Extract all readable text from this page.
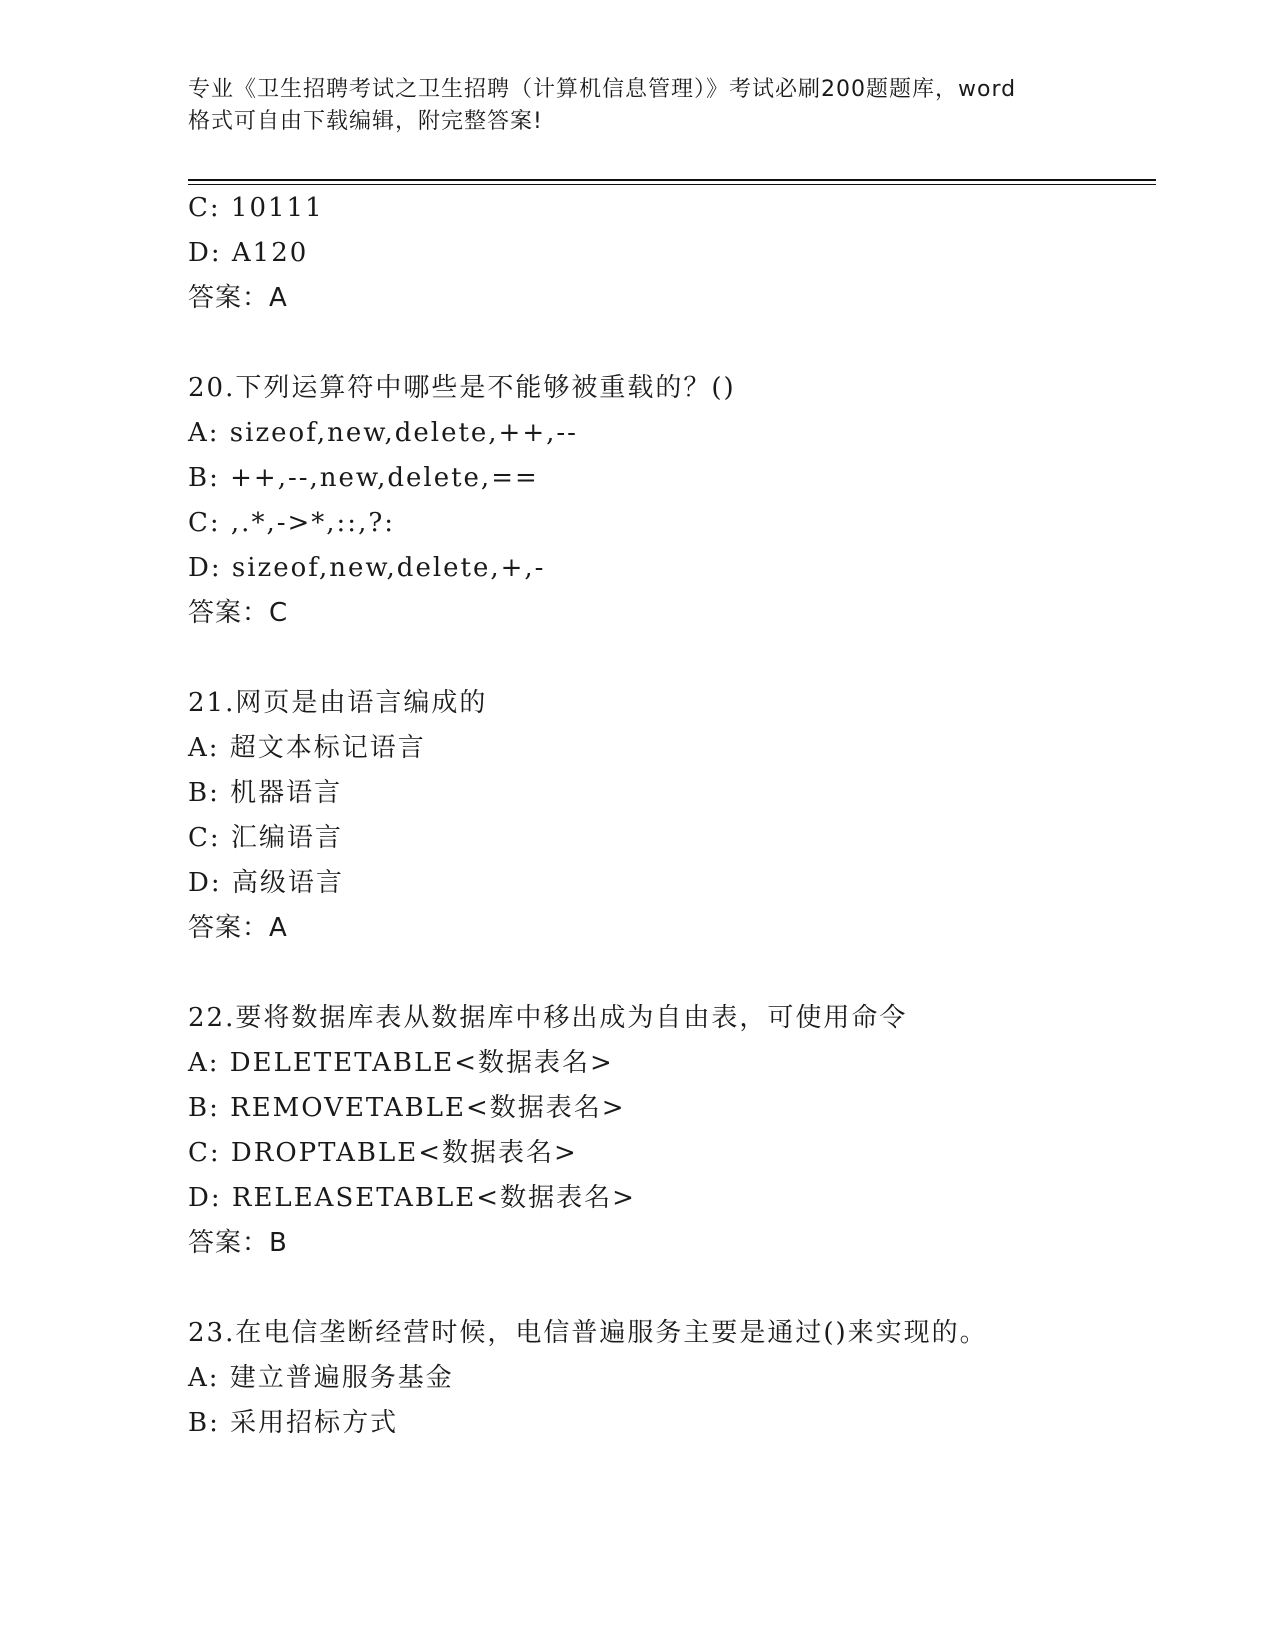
专业《卫生招聘考试之卫生招聘（计算机信息管理）》考试必刷200题题库，word
格式可自由下载编辑，附完整答案!
C: 10111
D: A120
答案：A
20.下列运算符中哪些是不能够被重载的？()
A: sizeof,new,delete,++,--
B: ++,--,new,delete,==
C: ,.*,->*,::,?:
D: sizeof,new,delete,+,-
答案：C
21.网页是由语言编成的
A: 超文本标记语言
B: 机器语言
C: 汇编语言
D: 高级语言
答案：A
22.要将数据库表从数据库中移出成为自由表，可使用命令
A: DELETETABLE<数据表名>
B: REMOVETABLE<数据表名>
C: DROPTABLE<数据表名>
D: RELEASETABLE<数据表名>
答案：B
23.在电信垄断经营时候，电信普遍服务主要是通过()来实现的。
A: 建立普遍服务基金
B: 采用招标方式
